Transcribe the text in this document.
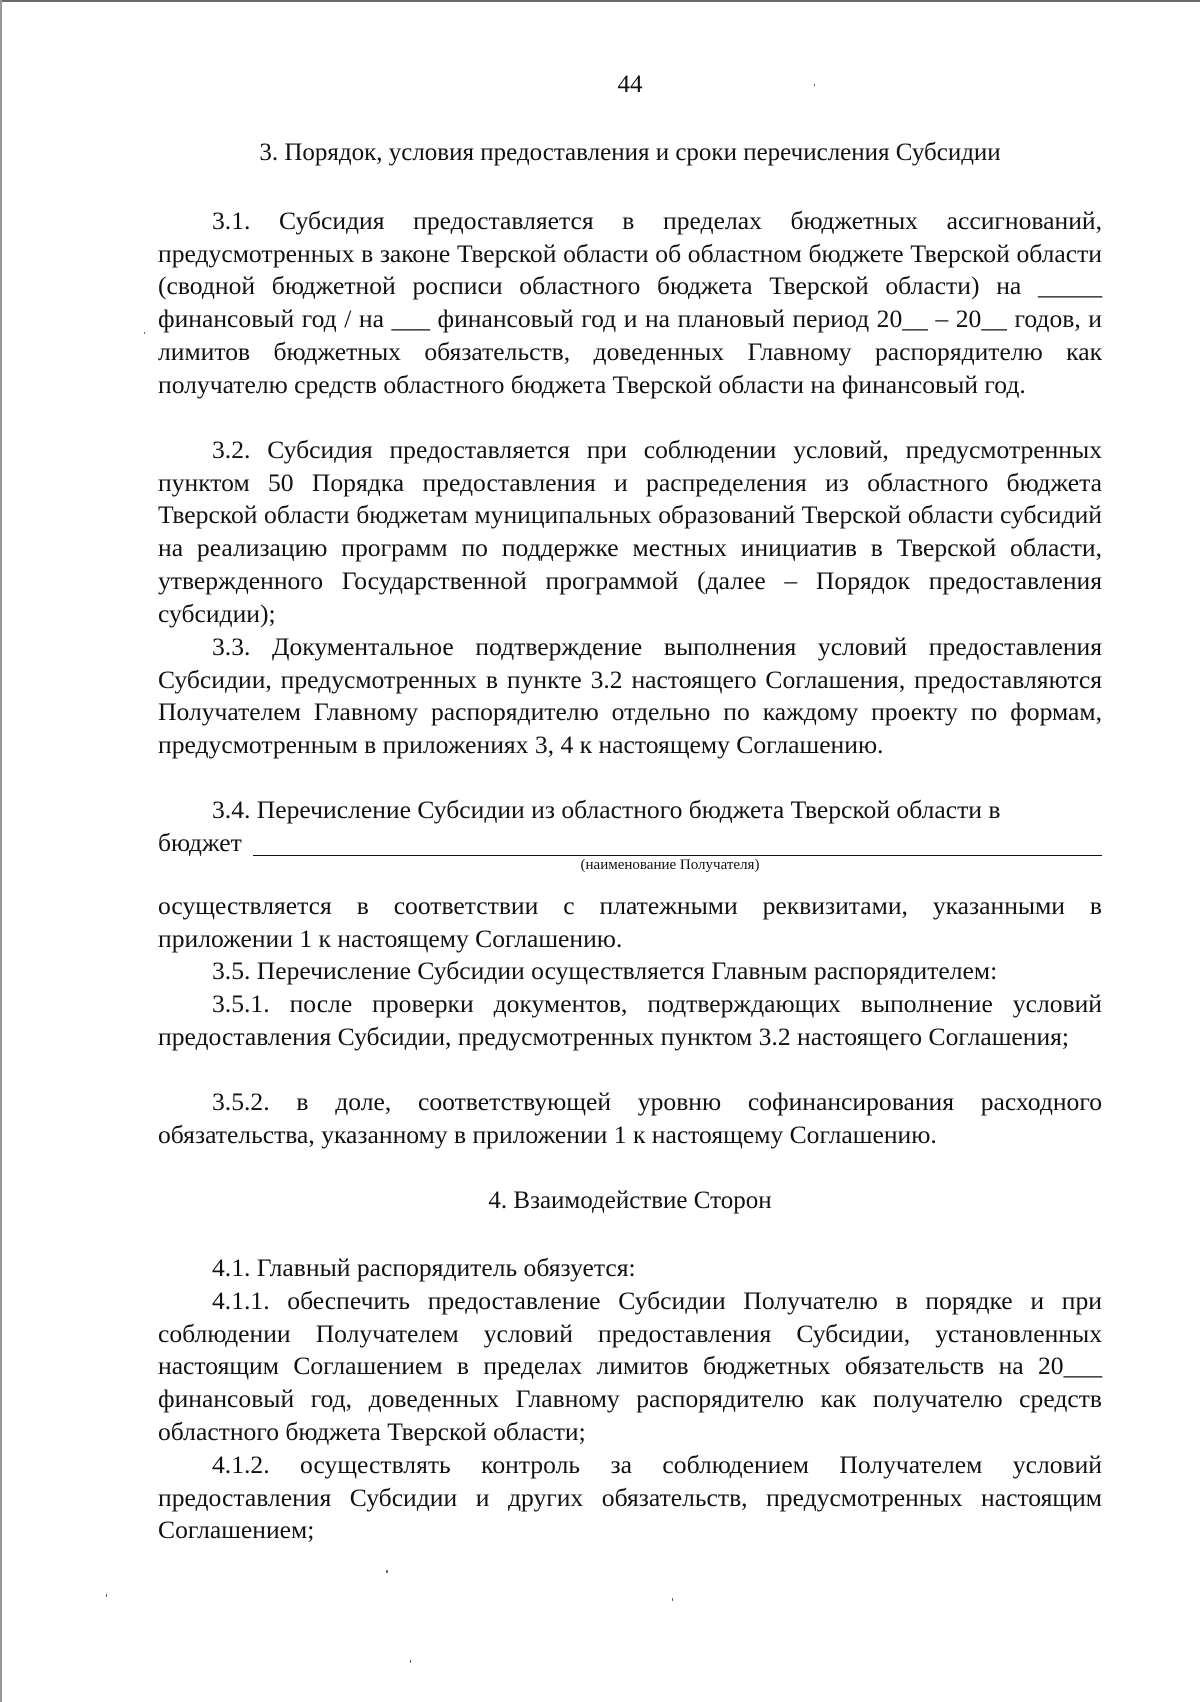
44
3. Порядок, условия предоставления и сроки перечисления Субсидии

3.1. Субсидия предоставляется в пределах бюджетных ассигнований, предусмотренных в законе Тверской области об областном бюджете Тверской области (сводной бюджетной росписи областного бюджета Тверской области) на _____ финансовый год / на ___ финансовый год и на плановый период 20__ – 20__ годов, и лимитов бюджетных обязательств, доведенных Главному распорядителю как получателю средств областного бюджета Тверской области на финансовый год.

3.2. Субсидия предоставляется при соблюдении условий, предусмотренных пунктом 50 Порядка предоставления и распределения из областного бюджета Тверской области бюджетам муниципальных образований Тверской области субсидий на реализацию программ по поддержке местных инициатив в Тверской области, утвержденного Государственной программой (далее – Порядок предоставления субсидии);

3.3. Документальное подтверждение выполнения условий предоставления Субсидии, предусмотренных в пункте 3.2 настоящего Соглашения, предоставляются Получателем Главному распорядителю отдельно по каждому проекту по формам, предусмотренным в приложениях 3, 4 к настоящему Соглашению.

3.4. Перечисление Субсидии из областного бюджета Тверской области в

бюджет
(наименование Получателя)

осуществляется в соответствии с платежными реквизитами, указанными в приложении 1 к настоящему Соглашению.

3.5. Перечисление Субсидии осуществляется Главным распорядителем:

3.5.1. после проверки документов, подтверждающих выполнение условий предоставления Субсидии, предусмотренных пунктом 3.2 настоящего Соглашения;

3.5.2. в доле, соответствующей уровню софинансирования расходного обязательства, указанному в приложении 1 к настоящему Соглашению.

4. Взаимодействие Сторон

4.1. Главный распорядитель обязуется:

4.1.1. обеспечить предоставление Субсидии Получателю в порядке и при соблюдении Получателем условий предоставления Субсидии, установленных настоящим Соглашением в пределах лимитов бюджетных обязательств на 20___ финансовый год, доведенных Главному распорядителю как получателю средств областного бюджета Тверской области;

4.1.2. осуществлять контроль за соблюдением Получателем условий предоставления Субсидии и других обязательств, предусмотренных настоящим Соглашением;
